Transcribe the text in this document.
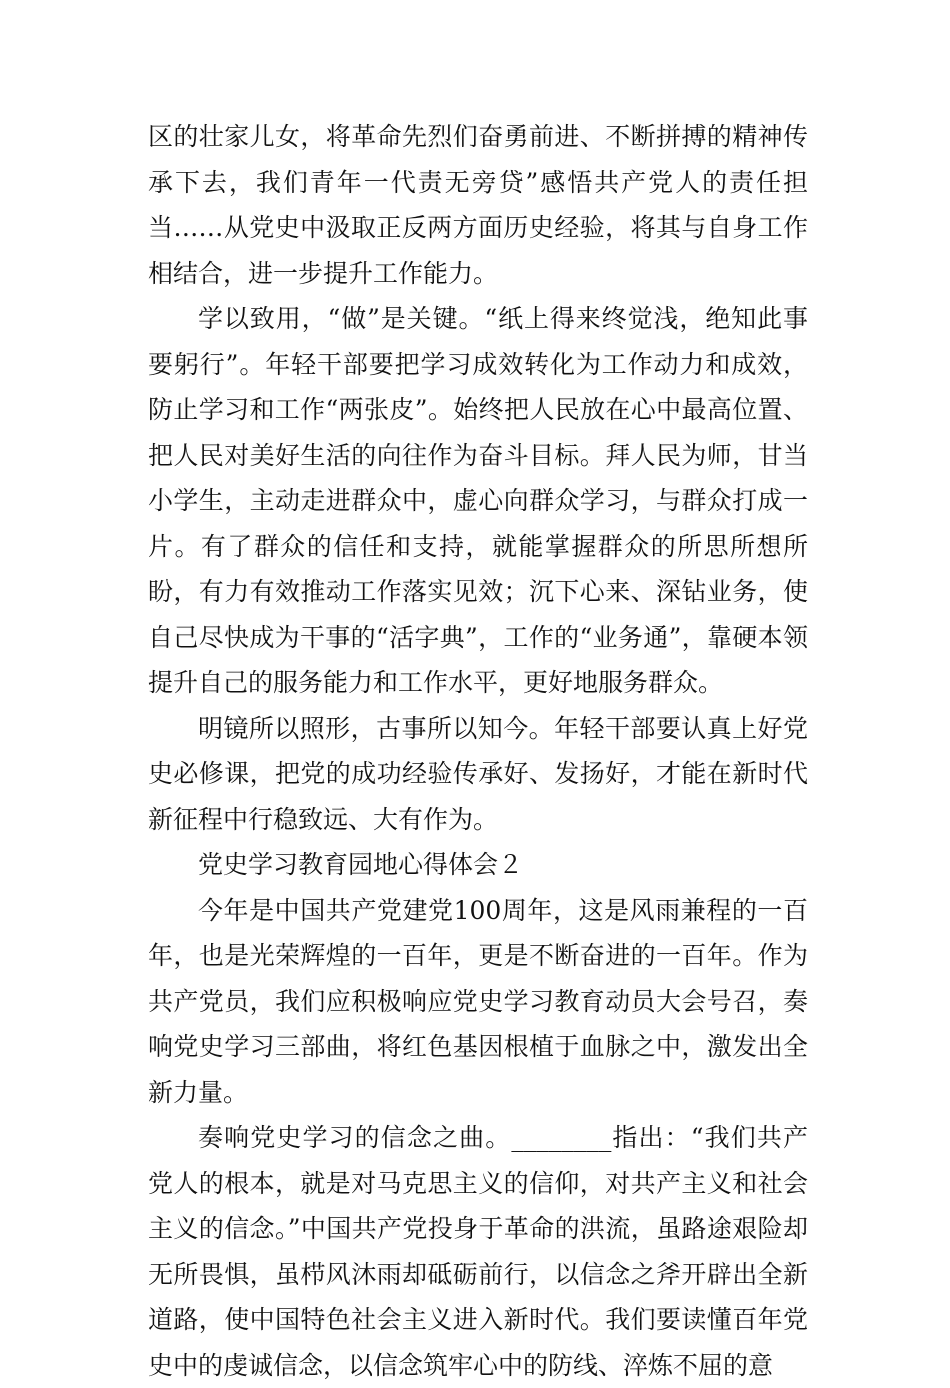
区的壮家儿女，将革命先烈们奋勇前进、不断拼搏的精神传承下去，我们青年一代责无旁贷”感悟共产党人的责任担当……从党史中汲取正反两方面历史经验，将其与自身工作相结合，进一步提升工作能力。

学以致用，“做”是关键。“纸上得来终觉浅，绝知此事要躬行”。年轻干部要把学习成效转化为工作动力和成效，防止学习和工作“两张皮”。始终把人民放在心中最高位置、把人民对美好生活的向往作为奋斗目标。拜人民为师，甘当小学生，主动走进群众中，虚心向群众学习，与群众打成一片。有了群众的信任和支持，就能掌握群众的所思所想所盼，有力有效推动工作落实见效；沉下心来、深钻业务，使自己尽快成为干事的“活字典”，工作的“业务通”，靠硬本领提升自己的服务能力和工作水平，更好地服务群众。

明镜所以照形，古事所以知今。年轻干部要认真上好党史必修课，把党的成功经验传承好、发扬好，才能在新时代新征程中行稳致远、大有作为。

党史学习教育园地心得体会２

今年是中国共产党建党100周年，这是风雨兼程的一百年，也是光荣辉煌的一百年，更是不断奋进的一百年。作为共产党员，我们应积极响应党史学习教育动员大会号召，奏响党史学习三部曲，将红色基因根植于血脉之中，激发出全新力量。

奏响党史学习的信念之曲。________指出：“我们共产党人的根本，就是对马克思主义的信仰，对共产主义和社会主义的信念。”中国共产党投身于革命的洪流，虽路途艰险却无所畏惧，虽栉风沐雨却砥砺前行，以信念之斧开辟出全新道路，使中国特色社会主义进入新时代。我们要读懂百年党史中的虔诚信念，以信念筑牢心中的防线、淬炼不屈的意
